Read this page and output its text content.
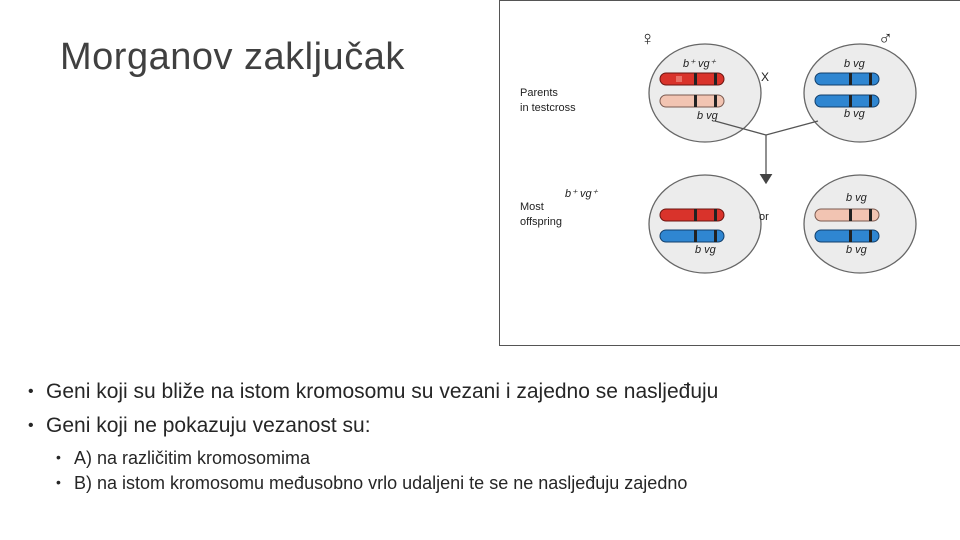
Morganov zaključak	♀	♂
X
Parents
in testcross
Most
offspring	or
b⁺ vg⁺
b vg
b vg
b vg
b⁺ vg⁺
b vg
b vg
b vg
• Geni koji su bliže na istom kromosomu su vezani i zajedno se nasljeđuju
• Geni koji ne pokazuju vezanost su:
• A) na različitim kromosomima
• B) na istom kromosomu međusobno vrlo udaljeni te se ne nasljeđuju zajedno
